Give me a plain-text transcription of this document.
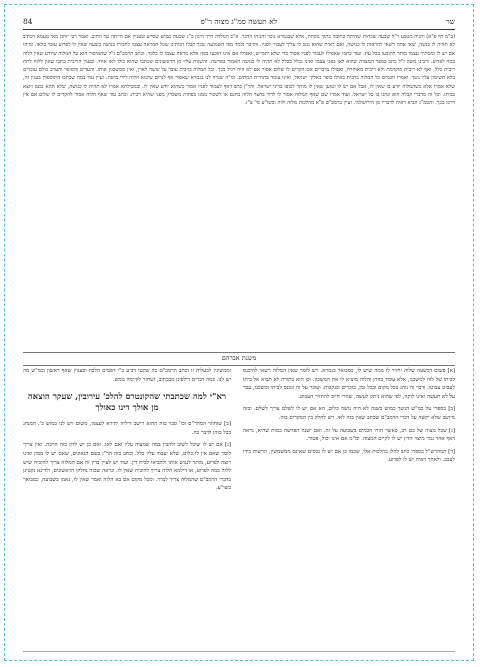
שר
לא תעשה סמ"ג מצוה ר"פ
84
(ב"מ דף פ"א) והגיה מטבע ר"ל שבעה שכחות שהיתה כתובה בתוך נוסחת, אלא שבגמרא נזכר והגיהו הדבר. א"כ הגולדה דרך היגון כ"ג שכעת כמוש שסייע ובעניין אם הייתה נגד החוב. ואמר רבי יוחנן מאי טעמא דכתיב לא תהיה לו כנשה, שאי אתה רשאי להראות לו כנושה, ואם ראית שהוא נגש לו עליך לעבור לפניו. והדבר נלמד מפי השמועה שכך קבלו רבותינו שכל המראה עצמו לחבירו כנושה בשעה שאין לו לפרוע עובר בלאו. ומיהו אם יש לו ומסתיר עצמו מותר לתובעו בכל עת. ועוד כתבו שאפילו לעבור לפניו אסור כדי שלא יתבייש, ואפילו אם אינו תובעו בפה אלא מראה עצמו לו בלבד. וכתב הרמב"ם ז"ל שהאיסור הוא על המלוה שיודע שאין ללוה במה לפרוע. ורבינו משה ז"ל כתב בספר המצוות שהוא לאו בפני עצמו ואינו נכלל בכלל לא תהיה לו כנושה האמור בפרשה. והשגות עליו מן הראשונים שכתבו שהוא כולו לאו אחד. ובענין הריבית כתבו שאין ללוה לתת ריבית כלל, ואף לא ריבית מוקדמת ולא ריבית מאוחרת, ואפילו בדברים אם הקדים לו שלום אסור אם לא היה רגיל בכך. וכל המלוה ברבית עובר על ששה לאוין, ואין ממשכנין אותו. והעדים והסופר והערב כולם עוברים בלא תשימון עליו נשך. ואמרו חכמים כל המלוה ברבית כאילו כופר באלקי ישראל, ואינו עומד בתחיית המתים. ומ"ה שנויה לנו בגמרא שאסור אף לגרום שיבוא הלוה לידי בושת. ועיין עוד במה שכתבו התוספות בענין זה, שלא אמרו אלא כשהמלוה יודע בו שאין לו, אבל אם יש לו וטוען שאין לו מותר לכופו בדיני ישראל. והר"ן כתב דאף לעמוד לפניו אסור כשהוא יודע שאין לו. ובמכילתא אמרו לא תהיה לו כנושה, שלא תהא נכנס ויוצא בביתו. וכל זה מדברי קבלה הוא ונהגו בו כל ישראל. ועוד אמרו שם שאף המלוה אסור לו לדור בחצר הלוה בחנם או לשכור ממנו בפחות משכרו, מפני שהיא רבית. וכתב עוד שאף הלוה אסור להקדים לו שלום אם אין דרכו בכך. והסמ"ג הביא ראיה לדבריו מן הירושלמי. ועיין ברמב"ם פ"א מהלכות מלוה ולוה ובשו"ע סי' צ"ז.
משנת אברהם

[א] פשוט דבשעה שלוה יחזיר לו ממה שיש לו, כמבואר בגמרא. ויש לומר שאין המלוה רשאי להיכנס לביתו של לוה למשכנו, אלא עומד בחוץ והלוה מוציא לו את המשכון. וכן הוא בתורה לא תבוא אל ביתו לעבוט עבוטו. ודבר זה נוהג בכל מקום ובכל זמן, בזכרים ובנקבות. ועובר על זה ונכנס לביתו ומשכנו, עבר על לא תעשה ואינו לוקה, לפי שהוא ניתק לעשה, שהרי חייב להחזיר העבוט.

[ב] בספרי על כמ"ש הנשך כמוש בשנה לא היה נושה כלום, הא אם יש לו לשלם צריך לשלם. ובזה מיושב שלא יקשה על דברי הרמב"ם שכתב שאין בזה לאו. ויש לחלק בין המקרים בזה.

[ג] שכל מצוה של כם רב, כאשר הורו חכמים בשבועה על זה. ואם ישנה הפרשה כמות שהיא, נראה דאף אחר גמר מיצוי הדין יש לו לקיים המצוה. ומ"מ אם אינו יכול, פטור.

[ד] המהרש"ל בספרו כתב להלן בהלכות אלו, שכמו כן אם יש לו נכסים שאינם ממשמשין, הרשות בידו לעכב. ולאחר ראיה יש לו לפרוע.

וממשיגין לבעלות זו וכתב הרמב"ם כה שקטו דביע ב"י דפמים הלכה ובעגוין שאף ראשון וכמ"ש מה יש לנו. כמה דברים דילפינן מבכתוב, ושחזר לקיימה ממש.

רא"י למה שכתבתי שהקונטרס להלכ' עירובין, שעקר הוצאה מן אולך דינו כאולך

[ב] שוחוזר המהר"ם וכו' סבר בזה ההוא ויישב דיליה יתירא לעצמו, משום ויש לנו כמוש כ'. המנהג בכל כוהן לדבר בה.

[ג] אם יש לו שוכל לשוב ולהבין במה שמצוה עליו ואם לאו. ואם כן יש לדון בזה הרבה. ואין צריך לומר שאם אין לו כלום, שלא יעבור עליו כלל. וכתב בזה הר"ן בשם הגאונים, שאם יש לו ממון ואינו רוצה לפרוע, מותר לנגוש אותו ולהביאו לבית דין. ועוד יש לעיין בדין זה אם המלוה צריך להוכיח שיש ללוה במה לפרוע, או דילמא הלוה צריך להוכיח שאין לו. ונראה שבזה נחלקו הראשונים, ולדינא נקטינן כדברי הרמב"ם שהמלוה צריך לברר. ומכל מקום אם בא הלוה ואמר שאין לו, נאמן בשבועה, כמבואר בשו"ע.
